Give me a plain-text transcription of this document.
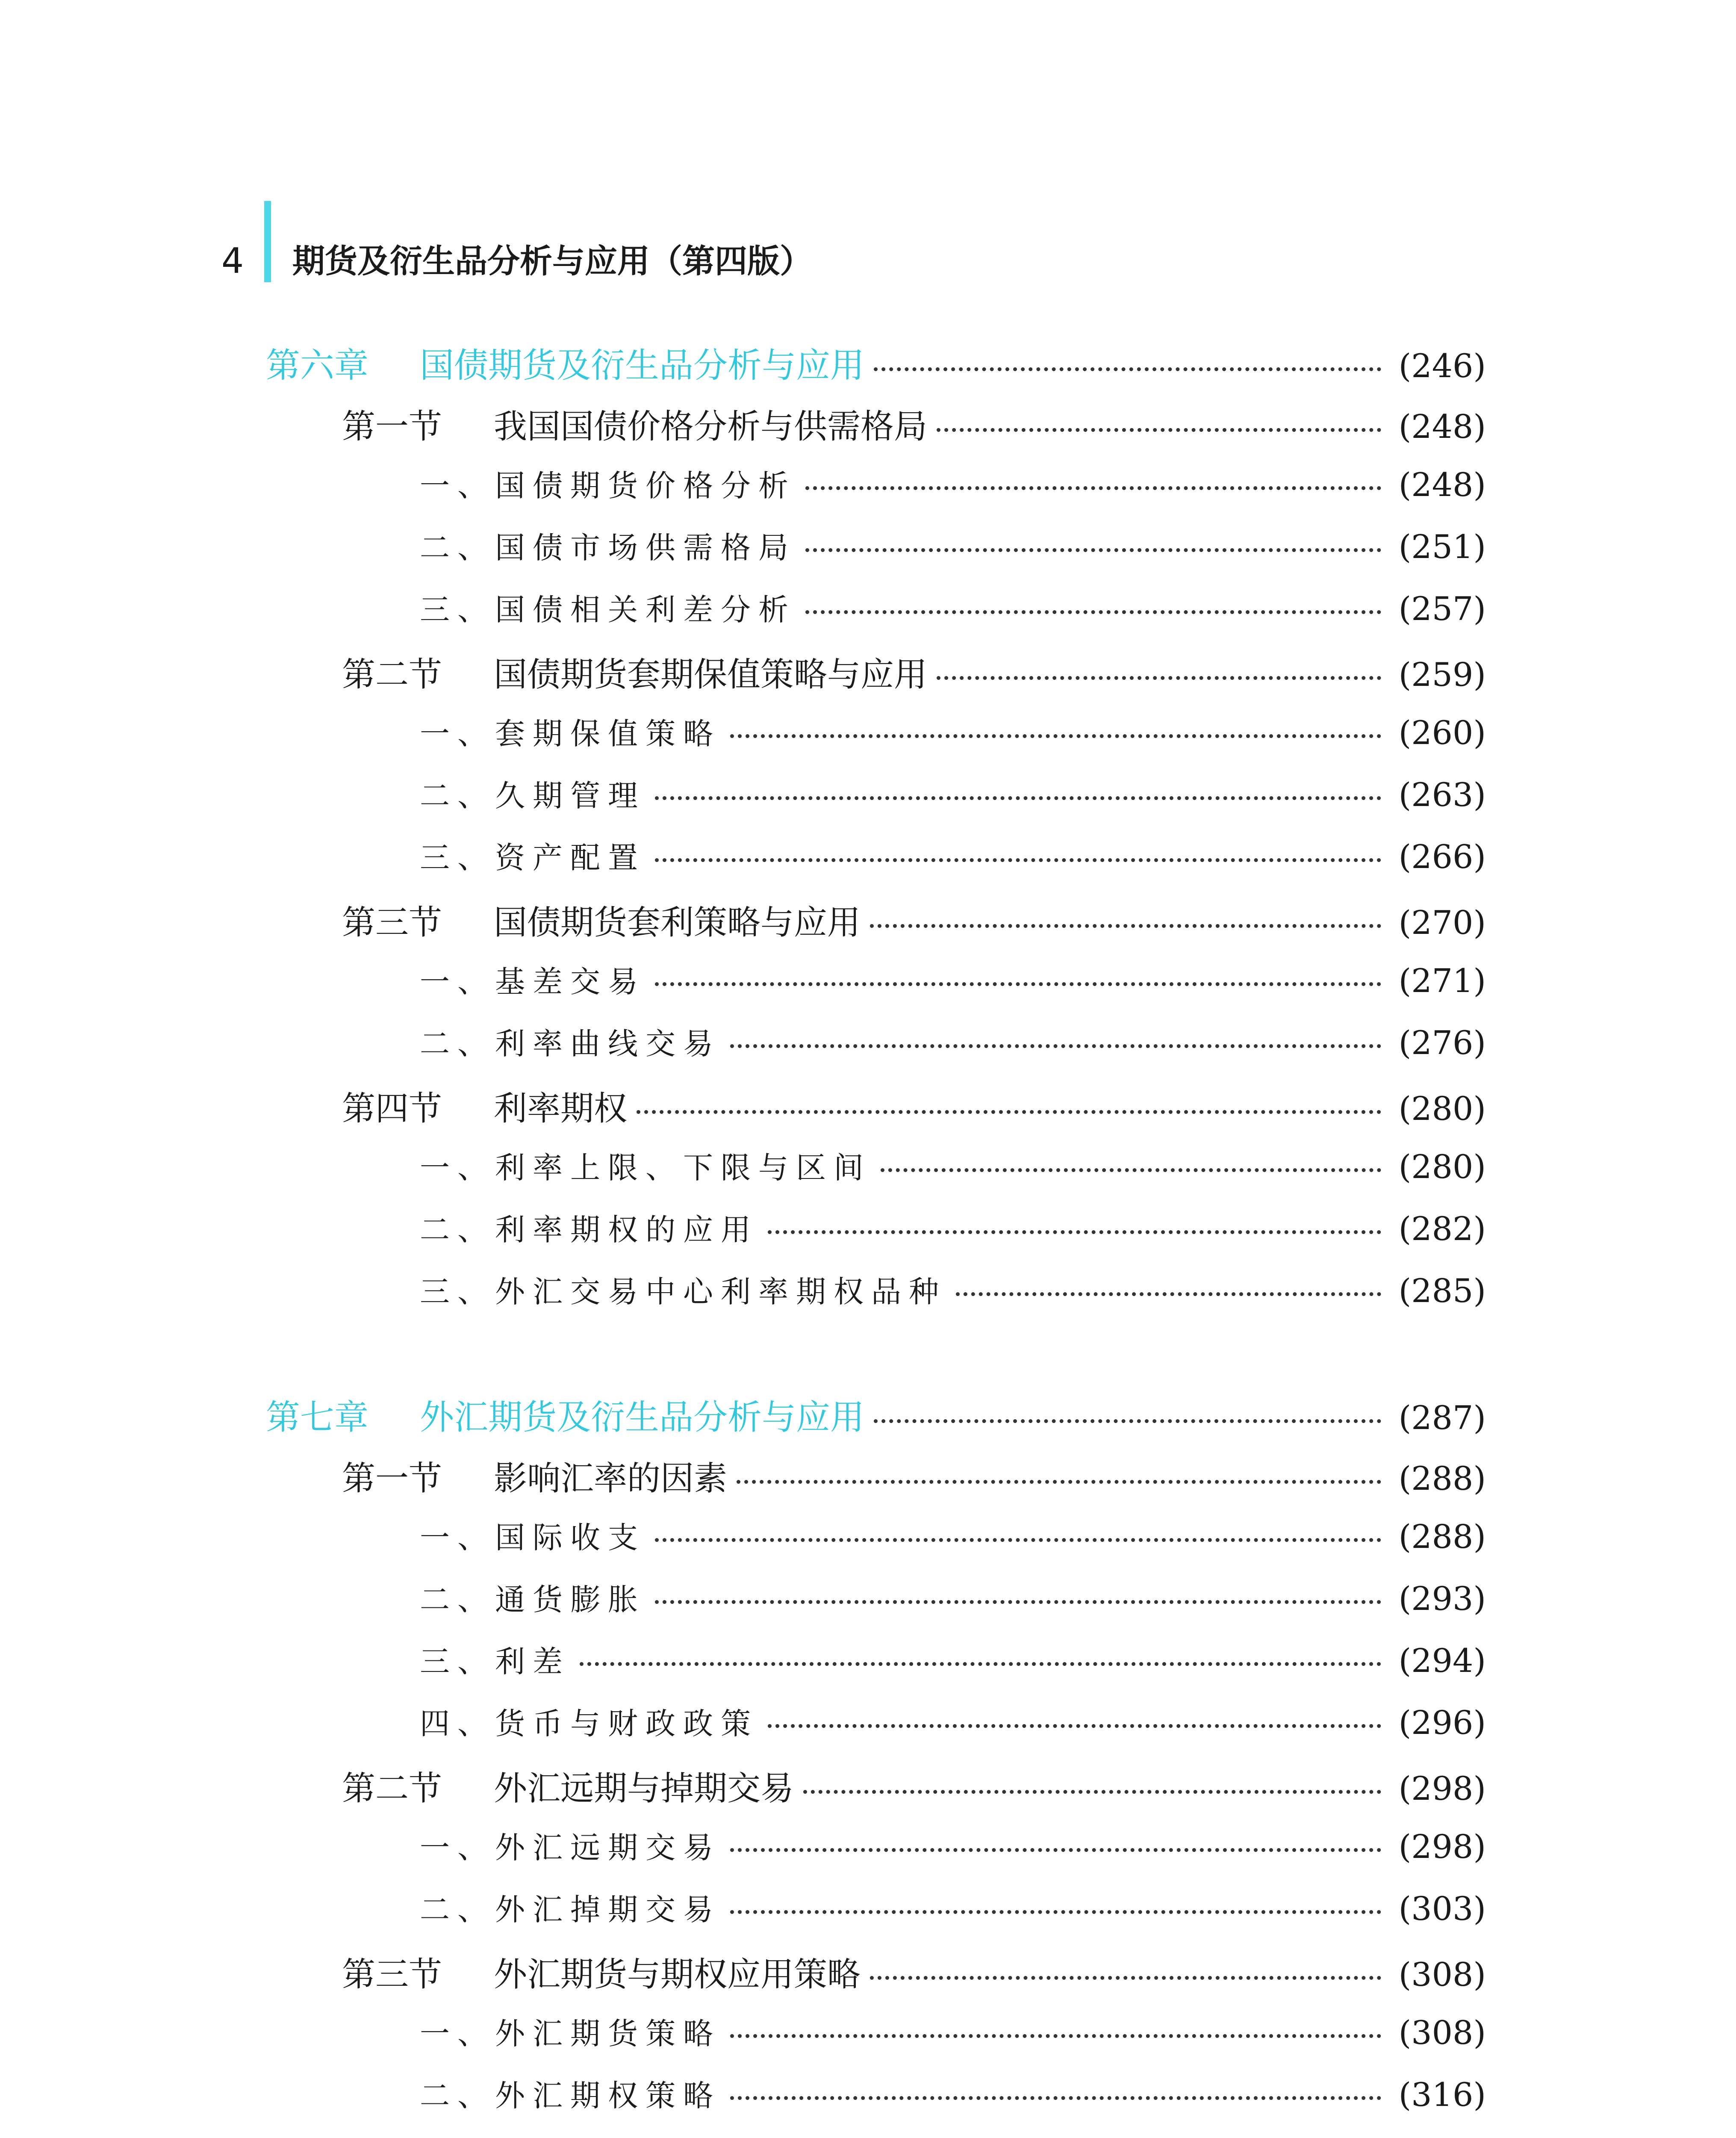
4 期货及衍生品分析与应用（第四版）
第六章 国债期货及衍生品分析与应用	(246)
第一节 我国国债价格分析与供需格局	(248)
一、国债期货价格分析	(248)
二、国债市场供需格局	(251)
三、国债相关利差分析	(257)
第二节 国债期货套期保值策略与应用	(259)
一、套期保值策略	(260)
二、久期管理	(263)
三、资产配置	(266)
第三节 国债期货套利策略与应用	(270)
一、基差交易	(271)
二、利率曲线交易	(276)
第四节 利率期权	(280)
一、利率上限、下限与区间	(280)
二、利率期权的应用	(282)
三、外汇交易中心利率期权品种	(285)
第七章 外汇期货及衍生品分析与应用	(287)
第一节 影响汇率的因素	(288)
一、国际收支	(288)
二、通货膨胀	(293)
三、利差	(294)
四、货币与财政政策	(296)
第二节 外汇远期与掉期交易	(298)
一、外汇远期交易	(298)
二、外汇掉期交易	(303)
第三节 外汇期货与期权应用策略	(308)
一、外汇期货策略	(308)
二、外汇期权策略	(316)
